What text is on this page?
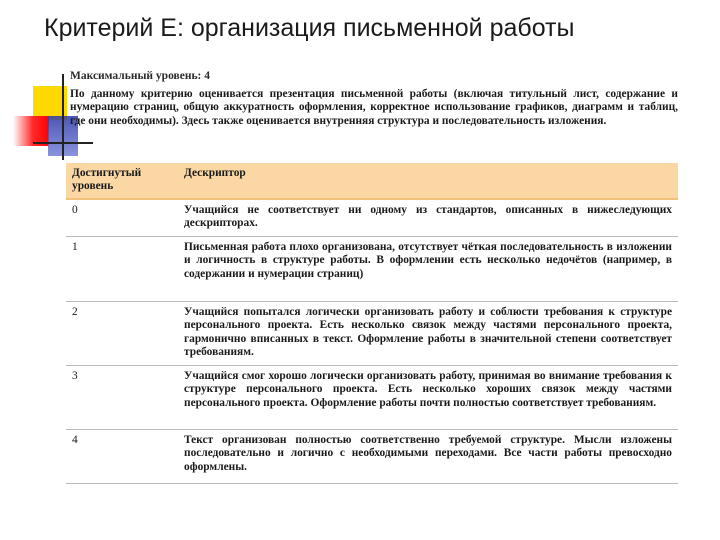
Критерий E: организация письменной работы

Максимальный уровень: 4

По данному критерию оценивается презентация письменной работы (включая титульный лист, содержание и нумерацию страниц, общую аккуратность оформления, корректное использование графиков, диаграмм и таблиц, где они необходимы). Здесь также оценивается внутренняя структура и последовательность изложения.

Достигнутый уровень	Дескриптор
0	Учащийся не соответствует ни одному из стандартов, описанных в нижеследующих дескрипторах.
1	Письменная работа плохо организована, отсутствует чёткая последовательность в изложении и логичность в структуре работы. В оформлении есть несколько недочётов (например, в содержании и нумерации страниц)
2	Учащийся попытался логически организовать работу и соблюсти требования к структуре персонального проекта. Есть несколько связок между частями персонального проекта, гармонично вписанных в текст. Оформление работы в значительной степени соответствует требованиям.
3	Учащийся смог хорошо логически организовать работу, принимая во внимание требования к структуре персонального проекта. Есть несколько хороших связок между частями персонального проекта. Оформление работы почти полностью соответствует требованиям.
4	Текст организован полностью соответственно требуемой структуре. Мысли изложены последовательно и логично с необходимыми переходами. Все части работы превосходно оформлены.
